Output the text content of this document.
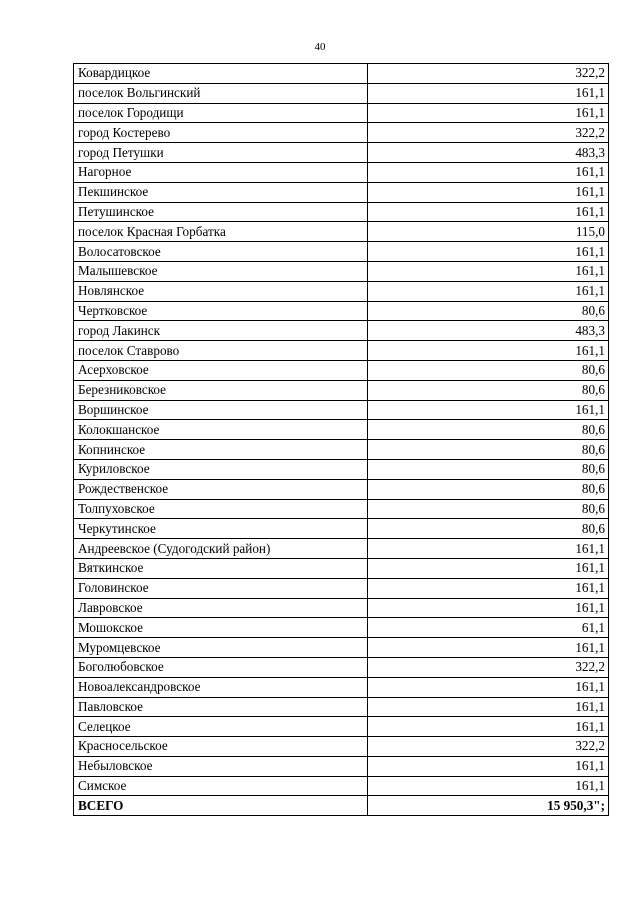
40
Ковардицкое	322,2
поселок Вольгинский	161,1
поселок Городищи	161,1
город Костерево	322,2
город Петушки	483,3
Нагорное	161,1
Пекшинское	161,1
Петушинское	161,1
поселок Красная Горбатка	115,0
Волосатовское	161,1
Малышевское	161,1
Новлянское	161,1
Чертковское	80,6
город Лакинск	483,3
поселок Ставрово	161,1
Асерховское	80,6
Березниковское	80,6
Воршинское	161,1
Колокшанское	80,6
Копнинское	80,6
Куриловское	80,6
Рождественское	80,6
Толпуховское	80,6
Черкутинское	80,6
Андреевское (Судогодский район)	161,1
Вяткинское	161,1
Головинское	161,1
Лавровское	161,1
Мошокское	61,1
Муромцевское	161,1
Боголюбовское	322,2
Новоалександровское	161,1
Павловское	161,1
Селецкое	161,1
Красносельское	322,2
Небыловское	161,1
Симское	161,1
ВСЕГО	15 950,3";
